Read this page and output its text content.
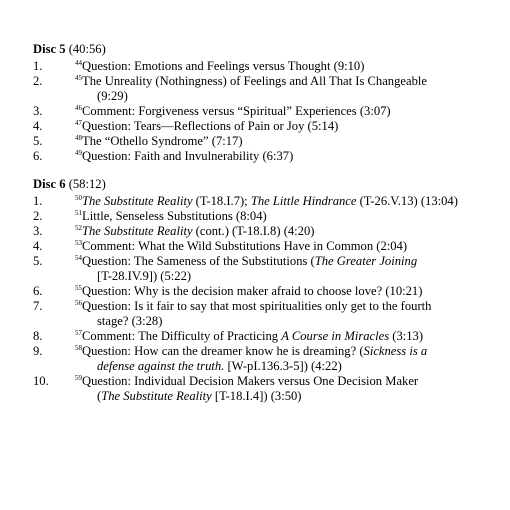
Disc 5 (40:56)
1.	$^{44}$Question: Emotions and Feelings versus Thought (9:10)
2.	$^{45}$The Unreality (Nothingness) of Feelings and All That Is Changeable
(9:29)
3.	$^{46}$Comment: Forgiveness versus “Spiritual” Experiences (3:07)
4.	$^{47}$Question: Tears—Reflections of Pain or Joy (5:14)
5.	$^{48}$The “Othello Syndrome” (7:17)
6.	$^{49}$Question: Faith and Invulnerability (6:37)
Disc 6 (58:12)
1.	$^{50}$The Substitute Reality (T-18.I.7); The Little Hindrance (T-26.V.13) (13:04)
2.	$^{51}$Little, Senseless Substitutions (8:04)
3.	$^{52}$The Substitute Reality (cont.) (T-18.I.8) (4:20)
4.	$^{53}$Comment: What the Wild Substitutions Have in Common (2:04)
5.	$^{54}$Question: The Sameness of the Substitutions (The Greater Joining
[T-28.IV.9]) (5:22)
6.	$^{55}$Question: Why is the decision maker afraid to choose love? (10:21)
7.	$^{56}$Question: Is it fair to say that most spiritualities only get to the fourth
stage? (3:28)
8.	$^{57}$Comment: The Difficulty of Practicing A Course in Miracles (3:13)
9.	$^{58}$Question: How can the dreamer know he is dreaming? (Sickness is a
defense against the truth. [W-pI.136.3-5]) (4:22)
10.	$^{59}$Question: Individual Decision Makers versus One Decision Maker
(The Substitute Reality [T-18.I.4]) (3:50)
